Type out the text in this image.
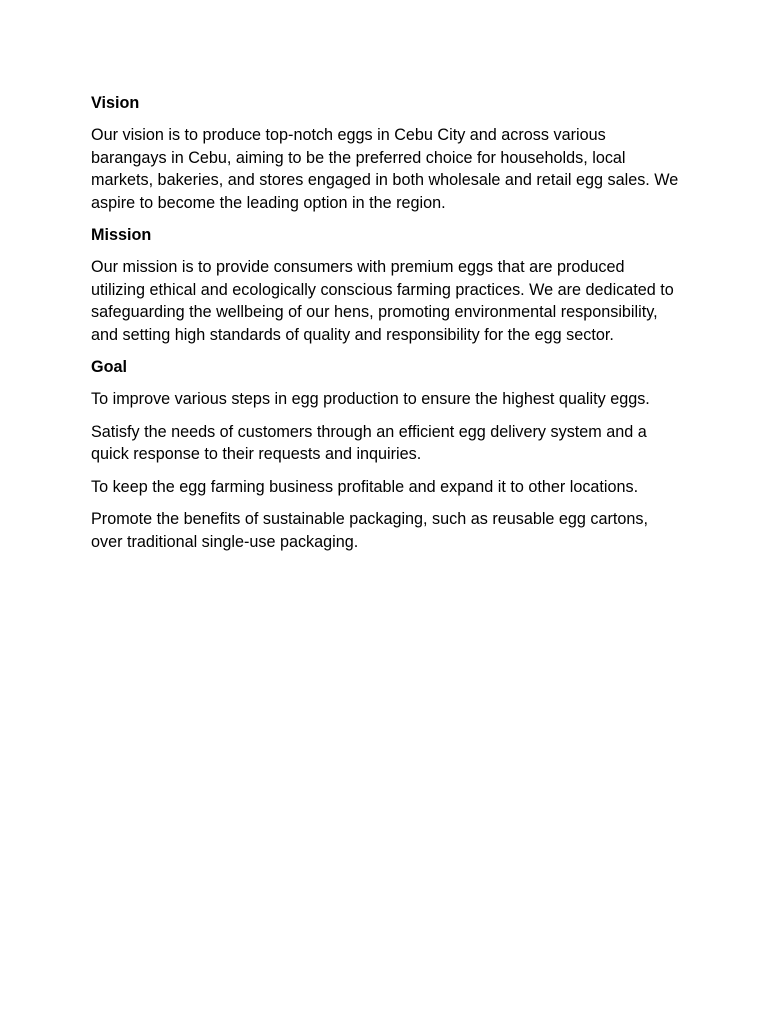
Vision

Our vision is to produce top-notch eggs in Cebu City and across various barangays in Cebu, aiming to be the preferred choice for households, local markets, bakeries, and stores engaged in both wholesale and retail egg sales. We aspire to become the leading option in the region.

Mission

Our mission is to provide consumers with premium eggs that are produced utilizing ethical and ecologically conscious farming practices. We are dedicated to safeguarding the wellbeing of our hens, promoting environmental responsibility, and setting high standards of quality and responsibility for the egg sector.

Goal

To improve various steps in egg production to ensure the highest quality eggs.

Satisfy the needs of customers through an efficient egg delivery system and a quick response to their requests and inquiries.

To keep the egg farming business profitable and expand it to other locations.

Promote the benefits of sustainable packaging, such as reusable egg cartons, over traditional single-use packaging.
